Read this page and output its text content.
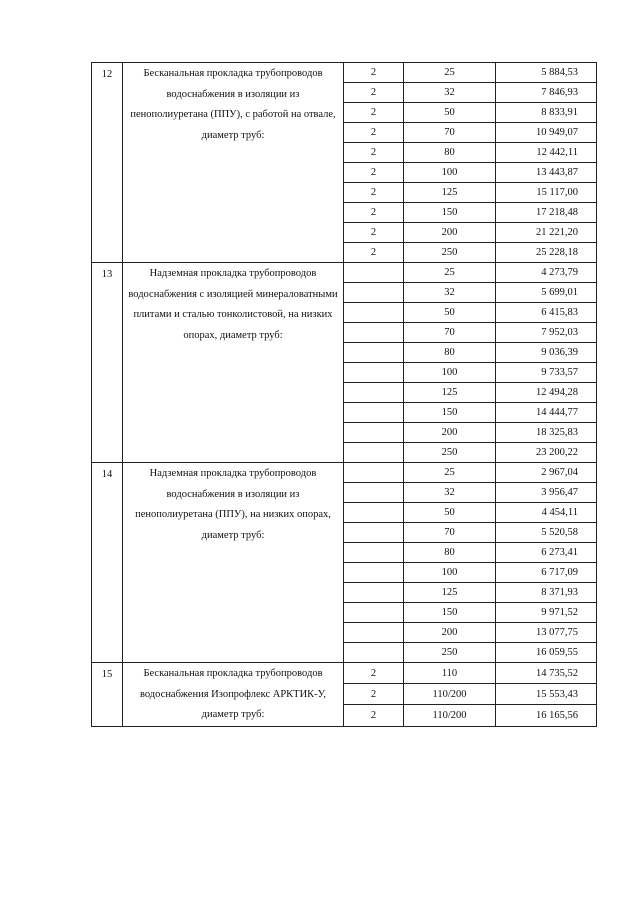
12	Бесканальная прокладка трубопроводов водоснабжения в изоляции из пенополиуретана (ППУ), с работой на отвале, диаметр труб:	2	25	5 884,53
		2	32	7 846,93
		2	50	8 833,91
		2	70	10 949,07
		2	80	12 442,11
		2	100	13 443,87
		2	125	15 117,00
		2	150	17 218,48
		2	200	21 221,20
		2	250	25 228,18
13	Надземная прокладка трубопроводов водоснабжения с изоляцией минераловатными плитами и сталью тонколистовой, на низких опорах, диаметр труб:		25	4 273,79
			32	5 699,01
			50	6 415,83
			70	7 952,03
			80	9 036,39
			100	9 733,57
			125	12 494,28
			150	14 444,77
			200	18 325,83
			250	23 200,22
14	Надземная прокладка трубопроводов водоснабжения в изоляции из пенополиуретана (ППУ), на низких опорах, диаметр труб:		25	2 967,04
			32	3 956,47
			50	4 454,11
			70	5 520,58
			80	6 273,41
			100	6 717,09
			125	8 371,93
			150	9 971,52
			200	13 077,75
			250	16 059,55
15	Бесканальная прокладка трубопроводов водоснабжения Изопрофлекс АРКТИК-У, диаметр труб:	2	110	14 735,52
		2	110/200	15 553,43
		2	110/200	16 165,56
